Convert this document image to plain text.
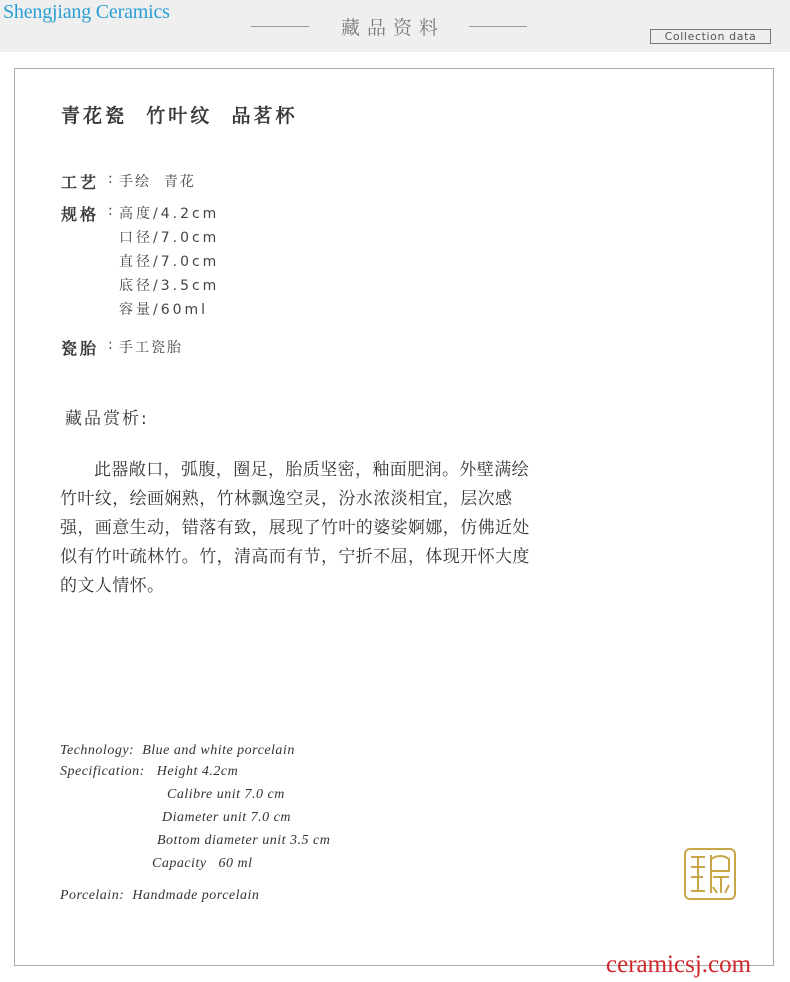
Shengjiang Ceramics
藏品资料	Collection data
青花瓷  竹叶纹  品茗杯
工艺 : 手绘  青花
规格 : 高度/4.2cm
口径/7.0cm
直径/7.0cm
底径/3.5cm
容量/60ml
瓷胎 : 手工瓷胎
藏品赏析:
此器敞口，弧腹，圈足，胎质坚密，釉面肥润。外壁满绘竹叶纹，绘画娴熟，竹林飘逸空灵，汾水浓淡相宜，层次感强，画意生动，错落有致，展现了竹叶的婆娑婀娜，仿佛近处似有竹叶疏林竹。竹，清高而有节，宁折不屈，体现开怀大度的文人情怀。
Technology:  Blue and white porcelain
Specification:   Height 4.2cm
Calibre unit 7.0 cm
Diameter unit 7.0 cm
Bottom diameter unit 3.5 cm
Capacity   60 ml
Porcelain:  Handmade porcelain
ceramicsj.com
